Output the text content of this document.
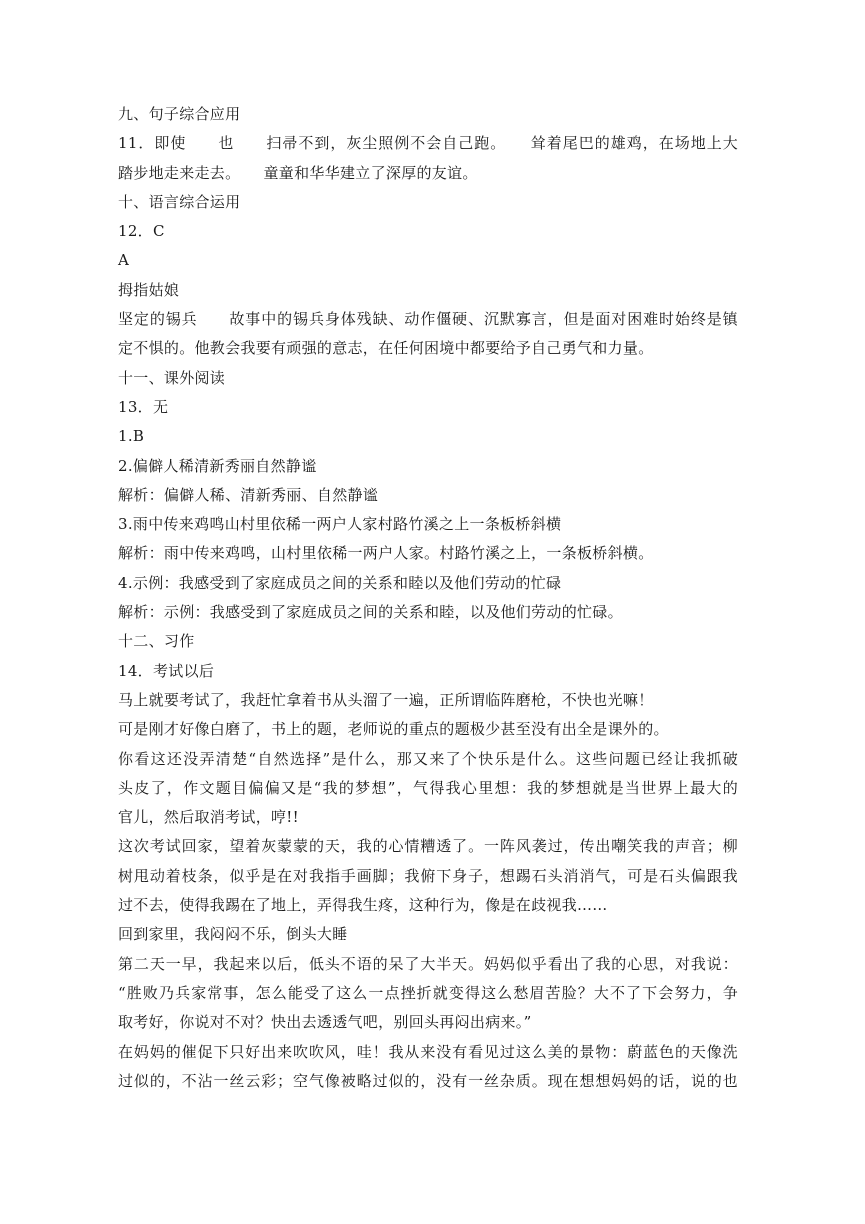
九、句子综合应用
11．即使　　也　　扫帚不到，灰尘照例不会自己跑。　　耸着尾巴的雄鸡，在场地上大
踏步地走来走去。　　童童和华华建立了深厚的友谊。
十、语言综合运用
12．C
A
拇指姑娘
坚定的锡兵　　故事中的锡兵身体残缺、动作僵硬、沉默寡言，但是面对困难时始终是镇
定不惧的。他教会我要有顽强的意志，在任何困境中都要给予自己勇气和力量。
十一、课外阅读
13．无
1.B
2.偏僻人稀清新秀丽自然静谧
解析：偏僻人稀、清新秀丽、自然静谧
3.雨中传来鸡鸣山村里依稀一两户人家村路竹溪之上一条板桥斜横
解析：雨中传来鸡鸣，山村里依稀一两户人家。村路竹溪之上，一条板桥斜横。
4.示例：我感受到了家庭成员之间的关系和睦以及他们劳动的忙碌
解析：示例：我感受到了家庭成员之间的关系和睦，以及他们劳动的忙碌。
十二、习作
14．考试以后
马上就要考试了，我赶忙拿着书从头溜了一遍，正所谓临阵磨枪，不快也光嘛！
可是刚才好像白磨了，书上的题，老师说的重点的题极少甚至没有出全是课外的。
你看这还没弄清楚“自然选择”是什么，那又来了个快乐是什么。这些问题已经让我抓破
头皮了，作文题目偏偏又是“我的梦想”，气得我心里想：我的梦想就是当世界上最大的
官儿，然后取消考试，哼!!
这次考试回家，望着灰蒙蒙的天，我的心情糟透了。一阵风袭过，传出嘲笑我的声音；柳
树甩动着枝条，似乎是在对我指手画脚；我俯下身子，想踢石头消消气，可是石头偏跟我
过不去，使得我踢在了地上，弄得我生疼，这种行为，像是在歧视我……
回到家里，我闷闷不乐，倒头大睡
第二天一早，我起来以后，低头不语的呆了大半天。妈妈似乎看出了我的心思，对我说：
“胜败乃兵家常事，怎么能受了这么一点挫折就变得这么愁眉苦脸？大不了下会努力，争
取考好，你说对不对？快出去透透气吧，别回头再闷出病来。”
在妈妈的催促下只好出来吹吹风，哇！我从来没有看见过这么美的景物：蔚蓝色的天像洗
过似的，不沾一丝云彩；空气像被略过似的，没有一丝杂质。现在想想妈妈的话，说的也
